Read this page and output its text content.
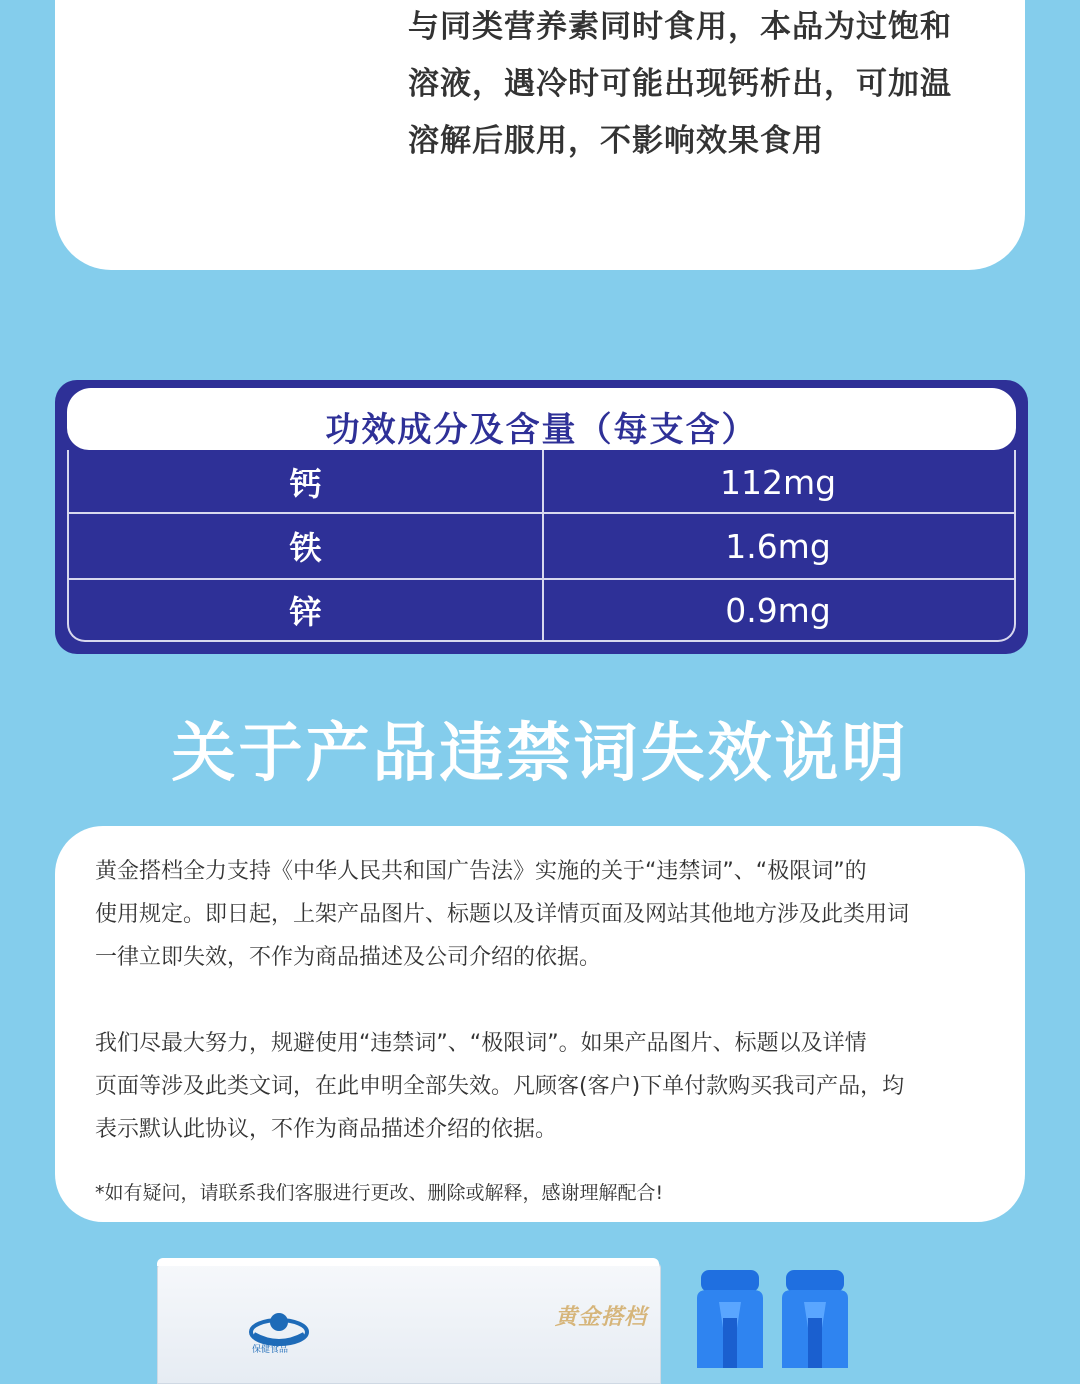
与同类营养素同时食用，本品为过饱和
溶液，遇冷时可能出现钙析出，可加温
溶解后服用，不影响效果食用
功效成分及含量（每支含）
钙	112mg
铁	1.6mg
锌	0.9mg
关于产品违禁词失效说明
黄金搭档全力支持《中华人民共和国广告法》实施的关于“违禁词”、“极限词”的
使用规定。即日起，上架产品图片、标题以及详情页面及网站其他地方涉及此类用词
一律立即失效，不作为商品描述及公司介绍的依据。
我们尽最大努力，规避使用“违禁词”、“极限词”。如果产品图片、标题以及详情
页面等涉及此类文词，在此申明全部失效。凡顾客(客户)下单付款购买我司产品，均
表示默认此协议，不作为商品描述介绍的依据。
*如有疑问，请联系我们客服进行更改、删除或解释，感谢理解配合!
保健食品
黄金搭档
